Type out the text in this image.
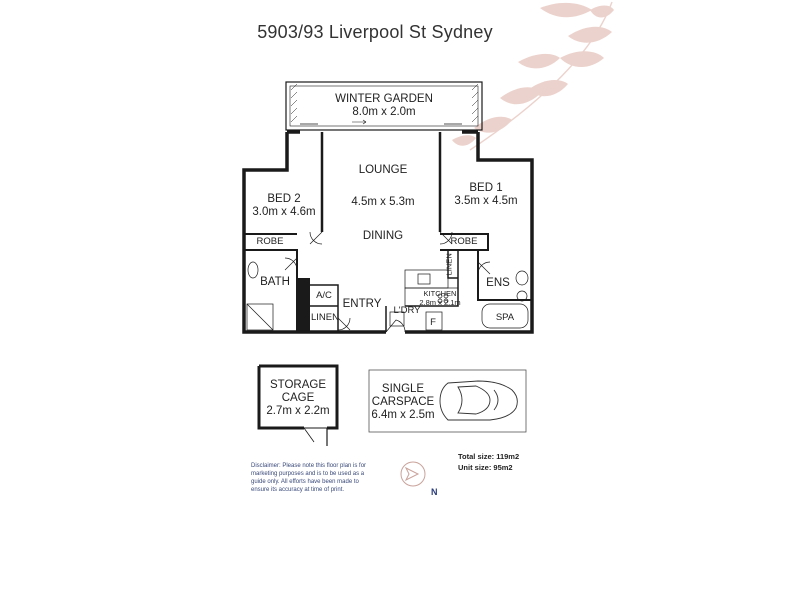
5903/93 Liverpool St Sydney
WINTER GARDEN
8.0m x 2.0m
LOUNGE
4.5m x 5.3m
DINING
BED 1
3.5m x 4.5m
BED 2
3.0m x 4.6m
ROBE	ROBE
BATH	ENS
SPA
KITCHEN
2.8m x 2.1m
A/C
LINEN
LINEN
ENTRY
L'DRY
F
STORAGE
CAGE
2.7m x 2.2m
SINGLE
CARSPACE
6.4m x 2.5m
Disclaimer: Please note this floor plan is for marketing purposes and is to be used as a guide only. All efforts have been made to ensure its accuracy at time of print.
Total size: 119m2
Unit size: 95m2
N
